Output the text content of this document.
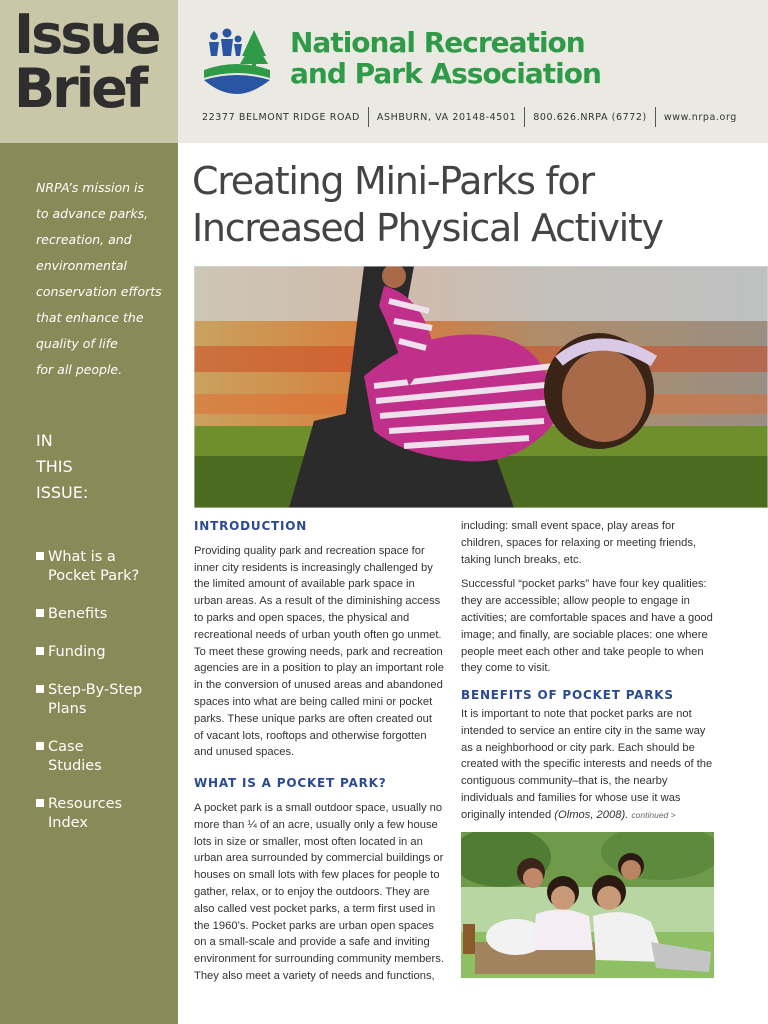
Issue
Brief
National Recreation
and Park Association
22377 BELMONT RIDGE ROAD ASHBURN, VA 20148-4501 800.626.NRPA (6772) www.nrpa.org
NRPA’s mission is
to advance parks,
recreation, and
environmental
conservation efforts
that enhance the
quality of life
for all people.
IN
THIS
ISSUE:
What is a
Pocket Park?
Benefits
Funding
Step-By-Step
Plans
Case
Studies
Resources
Index
Creating Mini-Parks for
Increased Physical Activity
INTRODUCTION

Providing quality park and recreation space for inner city residents is increasingly challenged by the limited amount of available park space in urban areas. As a result of the diminishing access to parks and open spaces, the physical and recreational needs of urban youth often go unmet. To meet these growing needs, park and recreation agencies are in a position to play an important role in the conversion of unused areas and abandoned spaces into what are being called mini or pocket parks. These unique parks are often created out of vacant lots, rooftops and otherwise forgotten and unused spaces.

WHAT IS A POCKET PARK?

A pocket park is a small outdoor space, usually no more than ¼ of an acre, usually only a few house lots in size or smaller, most often located in an urban area surrounded by commercial buildings or houses on small lots with few places for people to gather, relax, or to enjoy the outdoors. They are also called vest pocket parks, a term first used in the 1960’s. Pocket parks are urban open spaces on a small-scale and provide a safe and inviting environment for surrounding community members. They also meet a variety of needs and functions,

including: small event space, play areas for children, spaces for relaxing or meeting friends, taking lunch breaks, etc.

Successful “pocket parks” have four key qualities: they are accessible; allow people to engage in activities; are comfortable spaces and have a good image; and finally, are sociable places: one where people meet each other and take people to when they come to visit.

BENEFITS OF POCKET PARKS

It is important to note that pocket parks are not intended to service an entire city in the same way as a neighborhood or city park. Each should be created with the specific interests and needs of the contiguous community–that is, the nearby individuals and families for whose use it was originally intended (Olmos, 2008). continued >
